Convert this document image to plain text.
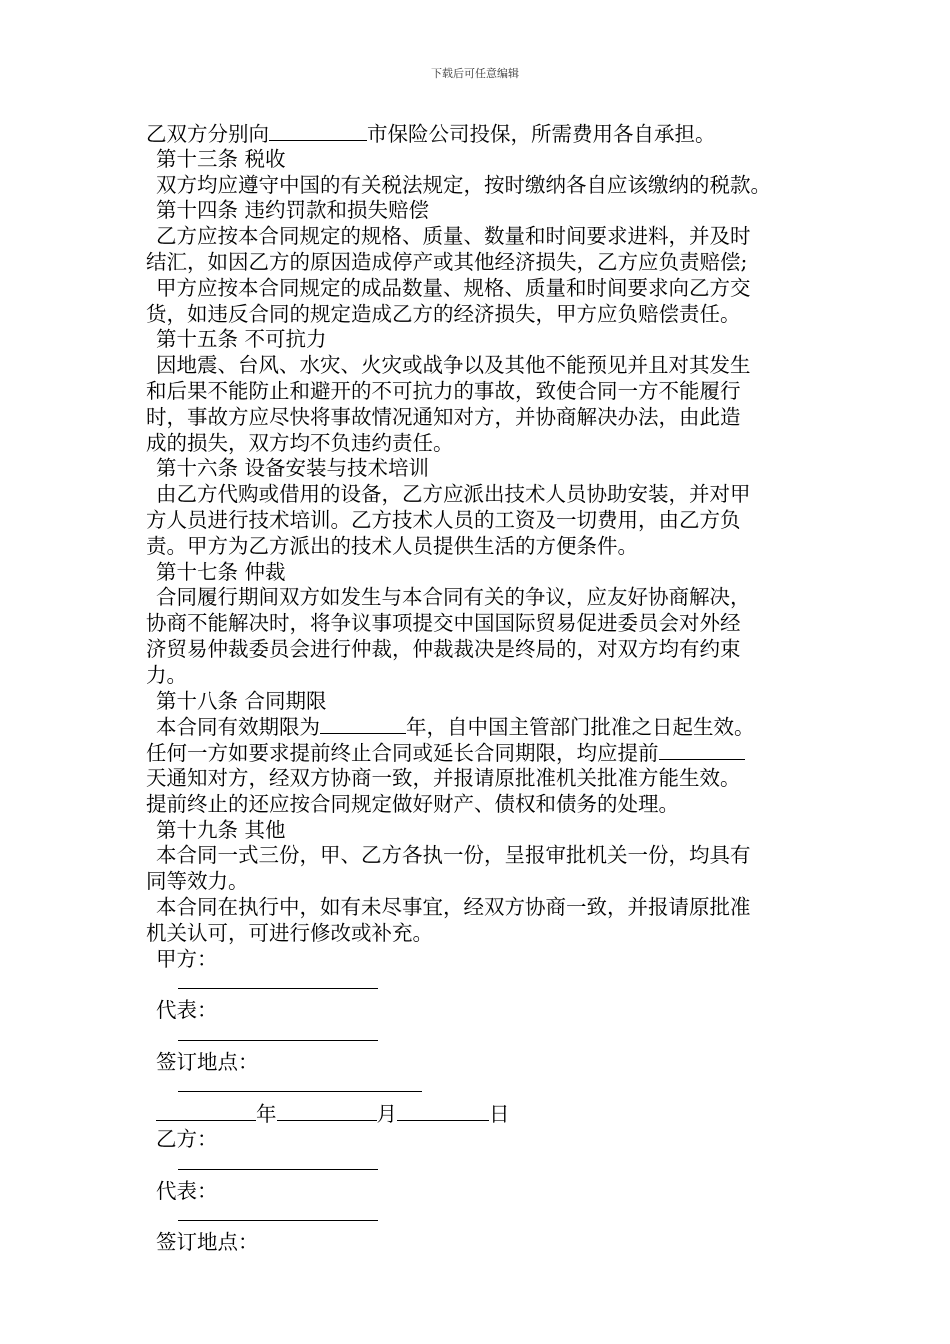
下载后可任意编辑
乙双方分别向	市保险公司投保，所需费用各自承担。
第十三条 税收
双方均应遵守中国的有关税法规定，按时缴纳各自应该缴纳的税款。
第十四条 违约罚款和损失赔偿
乙方应按本合同规定的规格、质量、数量和时间要求进料，并及时
结汇，如因乙方的原因造成停产或其他经济损失，乙方应负责赔偿;
甲方应按本合同规定的成品数量、规格、质量和时间要求向乙方交
货，如违反合同的规定造成乙方的经济损失，甲方应负赔偿责任。
第十五条 不可抗力
因地震、台风、水灾、火灾或战争以及其他不能预见并且对其发生
和后果不能防止和避开的不可抗力的事故，致使合同一方不能履行
时，事故方应尽快将事故情况通知对方，并协商解决办法，由此造
成的损失，双方均不负违约责任。
第十六条 设备安装与技术培训
由乙方代购或借用的设备，乙方应派出技术人员协助安装，并对甲
方人员进行技术培训。乙方技术人员的工资及一切费用，由乙方负
责。甲方为乙方派出的技术人员提供生活的方便条件。
第十七条 仲裁
合同履行期间双方如发生与本合同有关的争议，应友好协商解决，
协商不能解决时，将争议事项提交中国国际贸易促进委员会对外经
济贸易仲裁委员会进行仲裁，仲裁裁决是终局的，对双方均有约束
力。
第十八条 合同期限
本合同有效期限为	年，自中国主管部门批准之日起生效。
任何一方如要求提前终止合同或延长合同期限，均应提前
天通知对方，经双方协商一致，并报请原批准机关批准方能生效。
提前终止的还应按合同规定做好财产、债权和债务的处理。
第十九条 其他
本合同一式三份，甲、乙方各执一份，呈报审批机关一份，均具有
同等效力。
本合同在执行中，如有未尽事宜，经双方协商一致，并报请原批准
机关认可，可进行修改或补充。
甲方：
代表：
签订地点：
年	月	日
乙方：
代表：
签订地点：
